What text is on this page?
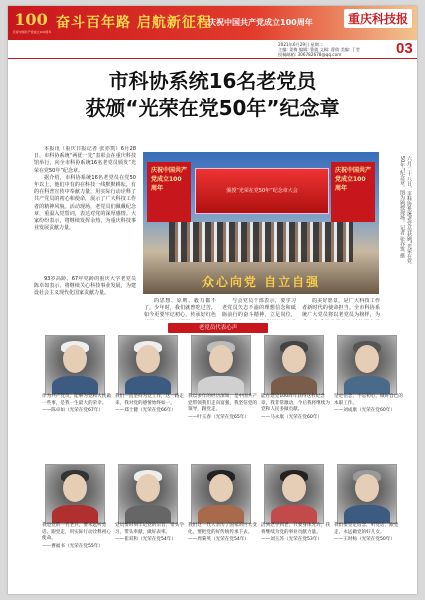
100
庆祝中国共产党成立100周年
奋斗百年路 启航新征程
庆祝中国共产党成立100周年	重庆科技报
2021年6月29日 星期二
主编: 姜梅 编辑: 曹倩 文稿: 曹倩 美编: 丁莹
投稿邮箱: 306782678@qq.com	03
市科协系统16名老党员
获颁“光荣在党50年”纪念章

本报讯（重庆日报记者 张亦筑）6月28日，市科协系统“两优一先”表彰会在重庆科技馆举行，向全市科协系统16名老党员颁发“光荣在党50年”纪念章。

据介绍，市科协系统16名老党员在党50年以上，他们中有的在科技一线默默耕耘，有的在科普宣传中奉献力量，用实际行动诠释了共产党员的初心和使命，展示了广大科技工作者的精神风貌。活动现场，老党员们佩戴纪念章，重温入党誓词，表达对党的深厚感情。大家纷纷表示，将继续发挥余热，为重庆科技事业发展贡献力量。

93岁高龄、67年党龄的重庆大学老党员陈卓如表示，将继续关心科技事业发展，为建设社会主义现代化国家贡献力量。

的思想、原则、毅力都不了。少年时，我们就曾吃过苦，如今更要牢记初心，传承好红色

与会党员干部表示，要学习老党员矢志不渝的理想信念和砥砺前行的奋斗精神，立足岗位，

的美好愿景，是广大科技工作者新时代的使命担当。全市科协系统广大党员将以老党员为榜样，为

庆祝中国共产党成立100周年
庆祝中国共产党成立100周年
颁授“光荣在党50年”纪念章大会
众心向党 自立自强
六月二十八日，市科协系统老党员获颁“光荣在党50年”纪念章。图为颁授现场。记者 张亦筑 摄
老党员代表心声
作为共产党员，能够为党和人民做一些事，是我一生最大的荣幸。
——陈卓如（光荣在党67年）
我们一直坚持为党工作，这一路走来，我对党的感情始终如一。
——郑士健（光荣在党66年）
我以多年的经历深知，是中国共产党带领我们走向富强，我坚信党的领导，跟党走。
——叶玉春（光荣在党65年）
能在建党100周年获得这枚纪念章，我非常激动，今后我将继续为党和人民多做贡献。
——马永康（光荣在党60年）
坚定信念，不忘初心，做好自己的本职工作。
——刘成康（光荣在党60年）
我是党的一名老兵，要永远听党话、跟党走，用实际行动诠释初心使命。
——曹福书（光荣在党55年）
党员要时刻牢记党的宗旨，带头学习，带头奉献，做好表率。
——崔双和（光荣在党54年）
我们这一代人亲历了国家的巨大变化，要把党的好传统传承下去。
——周菊英（光荣在党54年）
活到老学到老，只要身体允许，我将继续为党的事业贡献力量。
——刘玉苏（光荣在党53年）
我们要坚定信念，听党话，跟党走，永远做党的好儿女。
——王时杨（光荣在党50年）
